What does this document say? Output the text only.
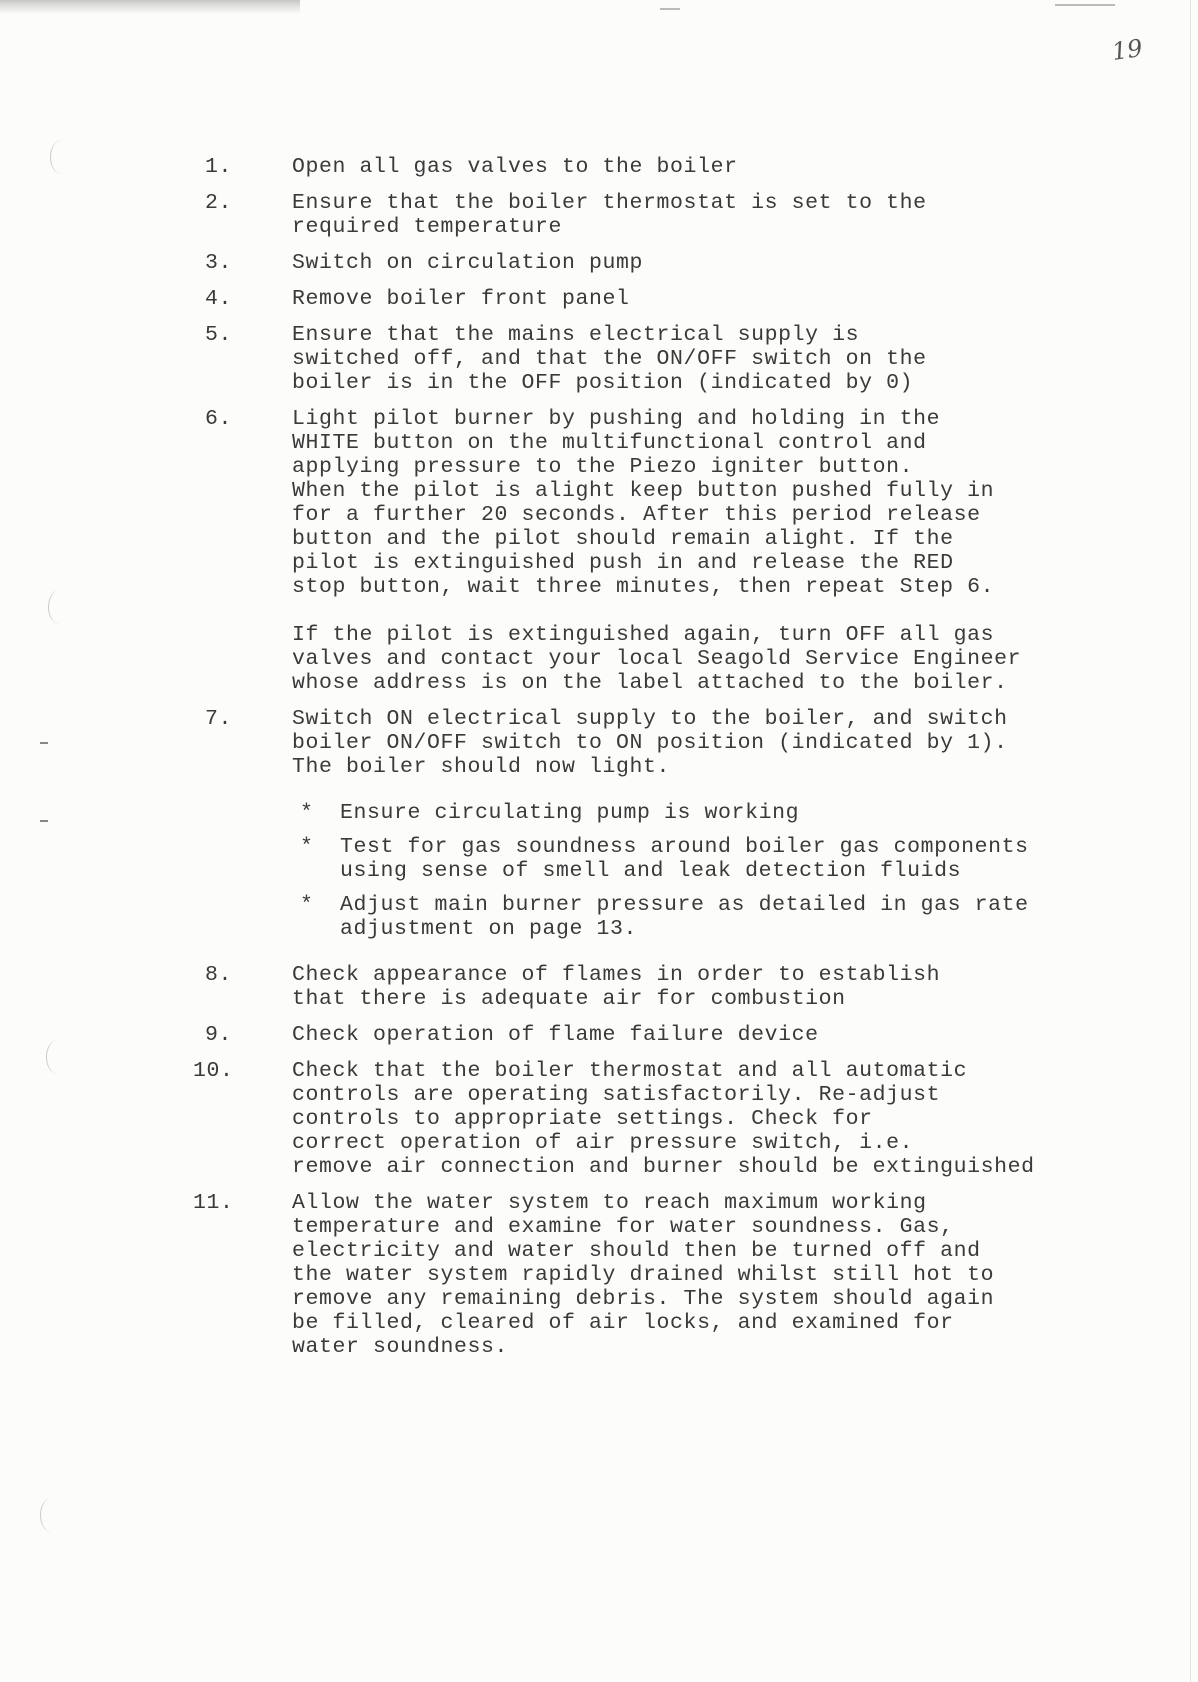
19
1.	Open all gas valves to the boiler
2.	Ensure that the boiler thermostat is set to the
required temperature
3.	Switch on circulation pump
4.	Remove boiler front panel
5.	Ensure that the mains electrical supply is
switched off, and that the ON/OFF switch on the
boiler is in the OFF position (indicated by 0)
6.	Light pilot burner by pushing and holding in the
WHITE button on the multifunctional control and
applying pressure to the Piezo igniter button.
When the pilot is alight keep button pushed fully in
for a further 20 seconds. After this period release
button and the pilot should remain alight. If the
pilot is extinguished push in and release the RED
stop button, wait three minutes, then repeat Step 6.
If the pilot is extinguished again, turn OFF all gas
valves and contact your local Seagold Service Engineer
whose address is on the label attached to the boiler.
7.	Switch ON electrical supply to the boiler, and switch
boiler ON/OFF switch to ON position (indicated by 1).
The boiler should now light.
*	Ensure circulating pump is working
*	Test for gas soundness around boiler gas components
using sense of smell and leak detection fluids
*	Adjust main burner pressure as detailed in gas rate
adjustment on page 13.
8.	Check appearance of flames in order to establish
that there is adequate air for combustion
9.	Check operation of flame failure device
10.	Check that the boiler thermostat and all automatic
controls are operating satisfactorily. Re-adjust
controls to appropriate settings. Check for
correct operation of air pressure switch, i.e.
remove air connection and burner should be extinguished
11.	Allow the water system to reach maximum working
temperature and examine for water soundness. Gas,
electricity and water should then be turned off and
the water system rapidly drained whilst still hot to
remove any remaining debris. The system should again
be filled, cleared of air locks, and examined for
water soundness.
